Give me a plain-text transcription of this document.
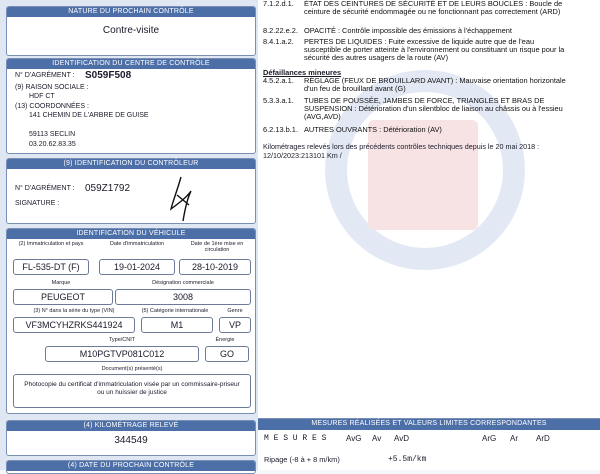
NATURE DU PROCHAIN CONTRÔLE
Contre-visite
IDENTIFICATION DU CENTRE DE CONTRÔLE
N° D'AGRÉMENT : S059F508
(9) RAISON SOCIALE :
HDF CT
(13) COORDONNÉES :
141 CHEMIN DE L'ARBRE DE GUISE
59113 SECLIN
03.20.62.83.35
(9) IDENTIFICATION DU CONTRÔLEUR
N° D'AGRÉMENT : 059Z1792
SIGNATURE :
IDENTIFICATION DU VÉHICULE
(2) Immatriculation et pays	Date d'immatriculation	Date de 1ère mise en circulation
FL-535-DT (F)	19-01-2024	28-10-2019
Marque	Désignation commerciale
PEUGEOT	3008
(3) N° dans la série du type (VIN)	(5) Catégorie internationale	Genre
VF3MCYHZRKS441924	M1	VP
Type/CNIT	Énergie
M10PGTVP081C012	GO
Document(s) présenté(s)
Photocopie du certificat d'immatriculation visée par un commissaire-priseur ou un huissier de justice
(4) KILOMÉTRAGE RELEVÉ
344549
(4) DATE DU PROCHAIN CONTRÔLE
7.1.2.d.1. ÉTAT DES CEINTURES DE SÉCURITÉ ET DE LEURS BOUCLES : Boucle de ceinture de sécurité endommagée ou ne fonctionnant pas correctement (ARD)
8.2.22.e.2. OPACITÉ : Contrôle impossible des émissions à l'échappement
8.4.1.a.2. PERTES DE LIQUIDES : Fuite excessive de liquide autre que de l'eau susceptible de porter atteinte à l'environnement ou constituant un risque pour la sécurité des autres usagers de la route (AV)
Défaillances mineures
4.5.2.a.1. RÉGLAGE (FEUX DE BROUILLARD AVANT) : Mauvaise orientation horizontale d'un feu de brouillard avant (G)
5.3.3.a.1. TUBES DE POUSSÉE, JAMBES DE FORCE, TRIANGLES ET BRAS DE SUSPENSION : Détérioration d'un silentbloc de liaison au châssis ou à l'essieu (AVG,AVD)
6.2.13.b.1. AUTRES OUVRANTS : Détérioration (AV)
Kilométrages relevés lors des précédents contrôles techniques depuis le 20 mai 2018 : 12/10/2023:213101 Km /
MESURES RÉALISÉES ET VALEURS LIMITES CORRESPONDANTES
M E S U R E S AvG Av AvD	ArG Ar ArD
Ripage (-8 à + 8 m/km)	+5.5m/km
